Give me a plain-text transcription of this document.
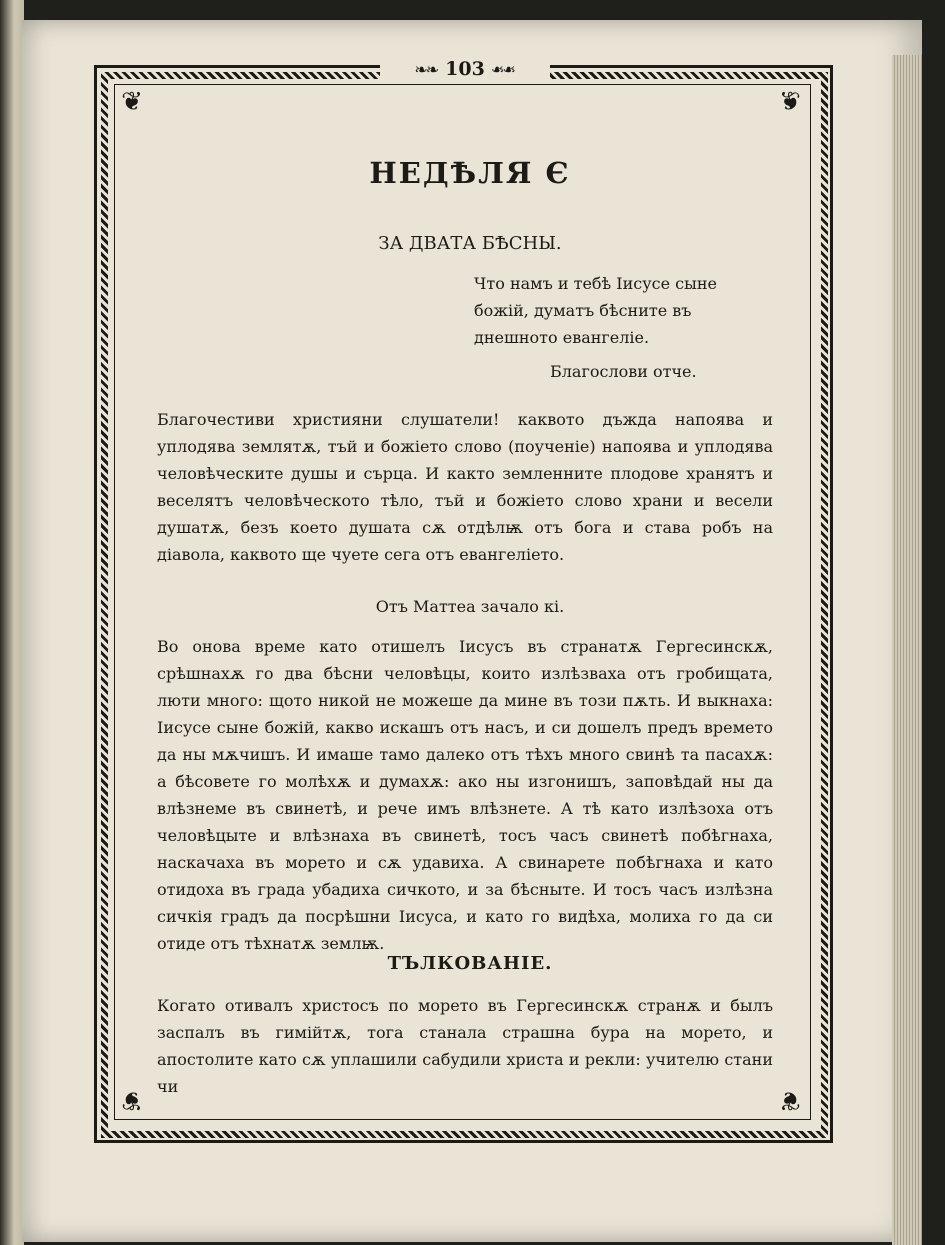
❦	❦
❦	❦
❧❧ 103 ❧❧
НЕДѢЛЯ Є
ЗА ДВАТА БѢСНЫ.
Что намъ и тебѣ Іисусе сыне божій, думатъ бѣсните въ днешното евангеліе.
Благослови отче.
Благочестиви християни слушатели! каквото дъжда напоява и уплодява землятѫ, тъй и божіето слово (поученіе) напоява и уплодява человѣческите душы и сърца. И както земленните плодове хранятъ и веселятъ человѣческото тѣло, тъй и божіето слово храни и весели душатѫ, безъ което душата сѫ отдѣлѭ отъ бога и става робъ на діавола, каквото ще чуете сега отъ евангеліето.
Отъ Маттеа зачало кі.
Во онова време като отишелъ Іисусъ въ странатѫ Гергесинскѫ, срѣшнахѫ го два бѣсни человѣцы, които излѣзваха отъ гробищата, люти много: щото никой не можеше да мине въ този пѫть. И выкнаха: Іисусе сыне божій, какво искашъ отъ насъ, и си дошелъ предъ времето да ны мѫчишъ. И имаше тамо далеко отъ тѣхъ много свинѣ та пасахѫ: а бѣсовете го молѣхѫ и думахѫ: ако ны изгонишъ, заповѣдай ны да влѣзнеме въ свинетѣ, и рече имъ влѣзнете. А тѣ като излѣзоха отъ человѣцыте и влѣзнаха въ свинетѣ, тосъ часъ свинетѣ побѣгнаха, наскачаха въ морето и сѫ удавиха. А свинарете побѣгнаха и като отидоха въ града убадиха сичкото, и за бѣсныте. И тосъ часъ излѣзна сичкія градъ да посрѣшни Іисуса, и като го видѣха, молиха го да си отиде отъ тѣхнатѫ землѭ.
ТЪЛКОВАНІЕ.
Когато отивалъ христосъ по морето въ Гергесинскѫ странѫ и былъ заспалъ въ гимійтѫ, тога станала страшна бура на морето, и апостолите като сѫ уплашили сабудили христа и рекли: учителю стани чи
